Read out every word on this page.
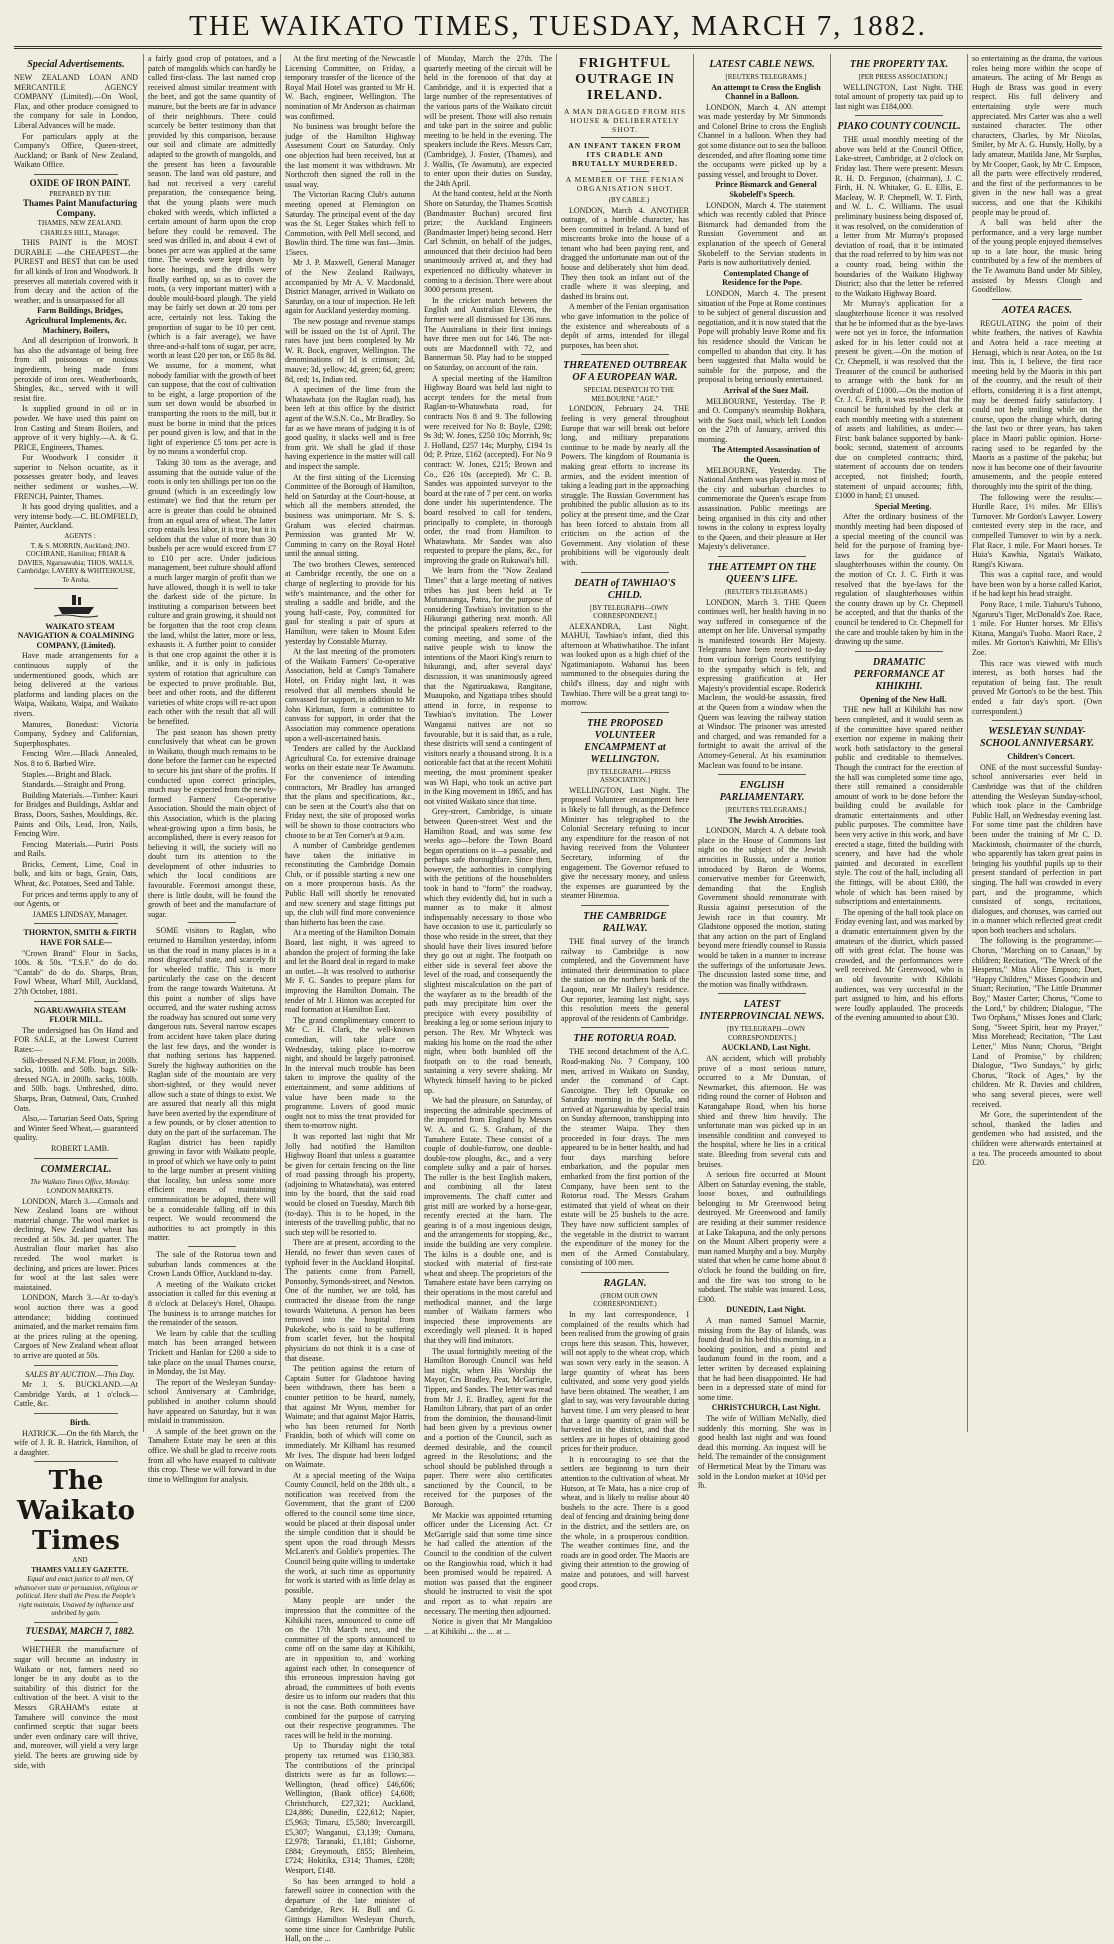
THE WAIKATO TIMES, TUESDAY, MARCH 7, 1882.
Special Advertisements.

NEW ZEALAND LOAN AND MERCANTILE AGENCY COMPANY (Limited).—On Wool, Flax, and other produce consigned to the company for sale in London, Liberal Advances will be made.

For particulars apply at the Company's Office, Queen-street, Auckland; or Bank of New Zealand, Waikato Office.

OXIDE OF IRON PAINT.

PREPARED BY THE

Thames Paint Manufacturing Company.

THAMES, NEW ZEALAND.

CHARLES HILL, Manager.

THIS PAINT is the MOST DURABLE —the CHEAPEST—the PUREST and BEST that can be used for all kinds of Iron and Woodwork. It preserves all materials covered with it from decay and the action of the weather, and is unsurpassed for all

Farm Buildings, Bridges, Agricultural Implements, &c. Machinery, Boilers,

And all description of Ironwork. It has also the advantage of being free from all poisonous or noxious ingredients, being made from peroxide of iron ores. Weatherboards, Shingles, &c., served with it will resist fire.

Is supplied ground in oil or in powder. We have used this paint on Iron Casting and Steam Boilers, and approve of it very highly.—A. & G. PRICE, Engineers, Thames.

For Woodwork I consider it superior to Nelson ocuatite, as it possesses greater body, and leaves neither sediment or washes.—W. FRENCH, Painter, Thames.

It has good drying qualities, and a very intense body.—C. BLOMFIELD, Painter, Auckland.

AGENTS :

T. & S. MORRIN, Auckland; JNO. COCHRANE, Hamilton; FRIAR & DAVIES, Ngaruawahia; THOS. WALLS, Cambridge; LAVERY & WHITEHOUSE, Te Aroha.

WAIKATO STEAM NAVIGATION & COALMINING COMPANY, (Limited).

Have made arrangements for a continuous supply of the undermentioned goods, which are being delivered at the various platforms and landing places on the Waipa, Waikato, Waipa, and Waikato rivers.

Manures, Bonedust: Victoria Company, Sydney and Californian, Superphosphates.

Fencing Wire.—Black Annealed, Nos. 8 to 6. Barbed Wire.

Staples.—Bright and Black.

Standards.—Straight and Prong.

Building Materials.—Timber: Kauri for Bridges and Buildings, Ashlar and Brass, Doors, Sashes, Mouldings, &c. Paints and Oils, Lead, Iron, Nails, Fencing Wire.

Fencing Materials.—Puriri Posts and Rails.

Bricks, Cement, Lime, Coal in bulk, and kits or bags, Grain, Oats, Wheat, &c. Potatoes, Seed and Table.

For prices and terms apply to any of our Agents, or

JAMES LINDSAY, Manager.

THORNTON, SMITH & FIRTH HAVE FOR SALE—

"Crown Brand" Flour in Sacks, 100s. & 50s. "T.S.F." do do do. "Cantab" do do do. Sharps, Bran, Fowl Wheat, Wharf Mill, Auckland, 27th October, 1881.

NGARUAWAHIA STEAM FLOUR MILL.

The undersigned has On Hand and FOR SALE, at the Lowest Current Rates:—

Silk-dressed N.F.M. Flour, in 200lb. sacks, 100lb. and 50lb. bags. Silk-dressed NGA. in 200lb. sacks, 100lb. and 50lb. bags. Unthreshed, ditto. Sharps, Bran, Oatmeal, Oats, Crushed Oats.

Also,— Tartarian Seed Oats, Spring and Winter Seed Wheat,— guaranteed quality.

ROBERT LAMB.

COMMERCIAL.

The Waikato Times Office, Monday.

LONDON MARKETS.

LONDON, March 3.—Consols and New Zealand loans are without material change. The wool market is declining. New Zealand wheat has receded at 50s. 3d. per quarter. The Australian flour market has also receded. The wool market is declining, and prices are lower. Prices for wool at the last sales were maintained.

LONDON, March 3.—At to-day's wool auction there was a good attendance; bidding continued animated, and the market remains firm at the prices ruling at the opening. Cargoes of New Zealand wheat afloat to arrive are quoted at 50s.

SALES BY AUCTION.—This Day.

Mr J. S. BUCKLAND.—At Cambridge Yards, at 1 o'clock—Cattle, &c.

Birth.

HATRICK.—On the 6th March, the wife of J. R. R. Hatrick, Hamilton, of a daughter.

The Waikato Times

AND

THAMES VALLEY GAZETTE.

Equal and exact justice to all men, Of whatsoever state or persuasion, religious or political. Here shall the Press the People's right maintain, Unawed by influence and unbribed by gain.

TUESDAY, MARCH 7, 1882.

WHETHER the manufacture of sugar will become an industry in Waikato or not, farmers need no longer be in any doubt as to the suitability of this district for the cultivation of the beet. A visit to the Messrs GRAHAM's estate at Tamahere will convince the most confirmed sceptic that sugar beets under even ordinary care will thrive, and, moreover, will yield a very large yield. The beets are growing side by side, with

a fairly good crop of potatoes, and a patch of mangolds which can hardly be called first-class. The last named crop received almost similar treatment with the beet, and got the same quantity of manure, but the beets are far in advance of their neighbours. There could scarcely be better testimony than that provided by this comparison, because our soil and climate are admittedly adapted to the growth of mangolds, and the present has been a favourable season. The land was old pasture, and had not received a very careful preparation, the consequence being, that the young plants were much choked with weeds, which inflicted a certain amount of harm upon the crop before they could be removed. The seed was drilled in, and about 4 cwt of bones per acre was applied at the same time. The weeds were kept down by horse hoeings, and the drills were finally earthed up, so as to cover the roots, (a very important matter) with a double mould-board plough. The yield may be fairly set down at 20 tons per acre, certainly not less. Taking the proportion of sugar to be 10 per cent. (which is a fair average), we have three-and-a-half tons of sugar, per acre, worth at least £20 per ton, or £65 8s 8d. We assume, for a moment, what nobody familiar with the growth of beet can suppose, that the cost of cultivation to be eight, a large proportion of the sum set down would be absorbed in transporting the roots to the mill, but it must be borne in mind that the prices per pound given is low, and that in the light of experience £5 tons per acre is by no means a wonderful crop.

Taking 30 tons as the average, and assuming that the outside value of the roots is only ten shillings per ton on the ground (which is an exceedingly low estimate) we find that the return per acre is greater than could be obtained from an equal area of wheat. The latter crop entails less labor, it is true, but it is seldom that the value of more than 30 bushels per acre would exceed from £7 to £10 per acre. Under judicious management, beet culture should afford a much larger margin of profit than we have allowed, though it is well to take the darkest side of the picture. In instituting a comparison between beet culture and grain growing, it should not be forgotten that the root crop cleans the land, whilst the latter, more or less, exhausts it. A further point to consider is that one crop against the other it is unlike, and it is only in judicious system of rotation that agriculture can be expected to prove profitable. But, beet and other roots, and the different varieties of white crops will re-act upon each other with the result that all will be benefited.

The past season has shown pretty conclusively that wheat can be grown in Waikato, though much remains to be done before the farmer can be expected to secure his just share of the profits. If conducted upon correct principles, much may be expected from the newly-formed Farmers' Co-operative Association. Should the main object of this Association, which is the placing wheat-growing upon a firm basis, be accomplished, there is every reason for believing it will, the society will no doubt turn its attention to the development of other industries to which the local conditions are favourable. Foremost amongst these, there is little doubt, will be found the growth of beet and the manufacture of sugar.

SOME visitors to Raglan, who returned to Hamilton yesterday, inform us that the road in many places is in a most disgraceful state, and scarcely fit for wheeled traffic. This is more particularly the case on the descent from the range towards Waitetuna. At this point a number of slips have occurred, and the water rushing across the roadway has scoured out some very dangerous ruts. Several narrow escapes from accident have taken place during the last few days, and the wonder is that nothing serious has happened. Surely the highway authorities on the Raglan side of the mountain are very short-sighted, or they would never allow such a state of things to exist. We are assured that nearly all this might have been averted by the expenditure of a few pounds, or by closer attention to duty on the part of the surfaceman. The Raglan district has been rapidly growing in favor with Waikato people, in proof of which we have only to point to the large number at present visiting that locality, but unless some more efficient means of maintaining communication be adopted, there will be a considerable falling off in this respect. We would recommend the authorities to act promptly in this matter.

The sale of the Rotorua town and suburban lands commences at the Crown Lands Office, Auckland to-day.

A meeting of the Waikato cricket association is called for this evening at 8 o'clock at Delacey's Hotel, Ohaupo. The business is to arrange matches for the remainder of the season.

We learn by cable that the sculling match has been arranged between Trickett and Hanlan for £200 a side to take place on the usual Thames course, in Monday, the 1st May.

The report of the Wesleyan Sunday-school Anniversary at Cambridge, published in another column should have appeared on Saturday, but it was mislaid in transmission.

A sample of the beet grown on the Tamahere Estate may be seen at this office. We shall be glad to receive roots from all who have essayed to cultivate this crop. These we will forward in due time to Wellington for analysis.

At the first meeting of the Newcastle Licensing Committee, on Friday, a temporary transfer of the licence of the Royal Mail Hotel was granted to Mr H. W. Bach, engineer, Wellington. The nomination of Mr Anderson as chairman was confirmed.

No business was brought before the judge of the Hamilton Highway Assessment Court on Saturday. Only one objection had been received, but at the last moment it was withdrawn. Mr Northcroft then signed the roll in the usual way.

The Victorian Racing Club's autumn meeting opened at Flemington on Saturday. The principal event of the day was the St. Leger Stakes which fell to Commotion, with Pell Mell second, and Bowlin third. The time was fast—3min. 15secs.

Mr J. P. Maxwell, General Manager of the New Zealand Railways, accompanied by Mr A. V. Macdonald, District Manager, arrived in Waikato on Saturday, on a tour of inspection. He left again for Auckland yesterday morning.

The new postage and revenue stamps will be issued on the 1st of April. The rates have just been completed by Mr W. R. Bock, engraver, Wellington. The denominations of 1d is crimson; 2d, mauve; 3d, yellow; 4d, green; 6d, green; 8d, red; 1s, Indian red.

A specimen of the lime from the Whatawhata (on the Raglan road), has been left at this office by the district agent of the W.S.N. Co., Mr Bradley. So far as we have means of judging it is of good quality, it slacks well and is free from grit. We shall be glad if those having experience in the matter will call and inspect the sample.

At the first sitting of the Licensing Committee of the Borough of Hamilton, held on Saturday at the Court-house, at which all the members attended, the business was unimportant. Mr S. S. Graham was elected chairman. Permission was granted Mr W. Cumming to carry on the Royal Hotel until the annual sitting.

The two brothers Clewes, sentenced at Cambridge recently, the one on a charge of neglecting to provide for his wife's maintenance, and the other for stealing a saddle and bridle, and the young half-caste, Poy, committed for gaol for stealing a pair of spurs at Hamilton, were taken to Mount Eden yesterday by Constable Murray.

At the last meeting of the promoters of the Waikato Farmers' Co-operative Association, held at Camp's Tamahere Hotel, on Friday night last, it was resolved that all members should be canvassed for support, in addition to Mr John Kirkman, form a committee to canvass for support, in order that the Association may commence operations upon a well-ascertained basis.

Tenders are called by the Auckland Agricultural Co. for extensive drainage works on their estate near Te Awamutu. For the convenience of intending contractors, Mr Bradley has arranged that the plans and specifications, &c., can be seen at the Court's also that on Friday next, the site of proposed works will be shown to those contractors who choose to be at Ten Corner's at 9 a.m.

A number of Cambridge gentlemen have taken the initiative in reconstituting the Cambridge Domain Club, or if possible starting a new one on a more prosperous basis. As the Public Hall will shortly be renovated and new scenery and stage fittings put up, the club will find more convenience than hitherto has been the case.

At a meeting of the Hamilton Domain Board, last night, it was agreed to abandon the project of forming the lake and let the Board deal in regard to make an outlet.—It was resolved to authorise Mr F. G. Sandes to prepare plans for improving the Hamilton Domain. The tender of Mr J. Hinton was accepted for road formation at Hamilton East.

The grand complimentary concert to Mr C. H. Clark, the well-known comedian, will take place on Wednesday, taking place to-morrow night, and should be largely patronised. In the interval much trouble has been taken to improve the quality of the entertainment, and some additions of value have been made to the programme. Lovers of good music ought not to miss the treat provided for them to-morrow night.

It was reported last night that Mr Jolly had notified the Hamilton Highway Board that unless a guarantee be given for certain fencing on the line of road passing through his property, (adjoining to Whatawhata), was entered into by the board, that the said road would be closed on Tuesday, March 8th (to-day). This is to be hoped, in the interests of the travelling public, that no such step will be resorted to.

There are at present, according to the Herald, no fewer than seven cases of typhoid fever in the Auckland Hospital. The patients come from Parnell, Ponsonby, Symonds-street, and Newton. One of the number, we are told, has contracted the disease from the range towards Waitetuna. A person has been removed into the hospital from Pukekohe, who is said to be suffering from scarlet fever, but the hospital physicians do not think it is a case of that disease.

The petition against the return of Captain Sutter for Gladstone having been withdrawn, there has been a counter petition to be heard, namely, that against Mr Wynn, member for Waimate; and that against Major Harris, who has been returned for North Franklin, both of which will come on immediately. Mr Kilhaml has resumed Mr Ives. The dispute had been lodged on Waimate.

At a special meeting of the Waipa County Council, held on the 28th ult., a notification was received from the Government, that the grant of £200 offered to the council some time since, would be placed at their disposal under the simple condition that it should be spent upon the road through Messrs McLaren's and Goldie's properties. The Council being quite willing to undertake the work, at such time as opportunity for work is started with as little delay as possible.

Many people are under the impression that the committee of the Kihikihi races, announced to come off on the 17th March next, and the committee of the sports announced to come off on the same day at Kihikihi, are in opposition to, and working against each other. In consequence of this erroneous impression having got abroad, the committees of both events desire us to inform our readers that this is not the case. Both committees have combined for the purpose of carrying out their respective programmes. The races will be held in the morning.

Up to Thursday night the total property tax returned was £130,383. The contributions of the principal districts were as far as follows:—Wellington, (head office) £46,606; Wellington, (Bank office) £4,608; Christchurch, £27,321; Auckland, £24,886; Dunedin, £22,612; Napier, £5,963; Timaru, £5,580; Invercargill, £5,307; Wanganui, £3,139; Oamaru, £2,978; Taranaki, £1,181; Gisborne, £884; Greymouth, £855; Blenheim, £724; Hokitika, £314; Thames, £288; Westport, £148.

So has been arranged to hold a farewell soiree in connection with the departure of the late minister of Cambridge, Rev. H. Bull and G. Gittings Hamilton Wesleyan Church, some time since for Cambridge Public Hall, on the ...

of Monday, March the 27th. The quarterly meeting of the circuit will be held in the forenoon of that day at Cambridge, and it is expected that a large number of the representatives of the various parts of the Waikato circuit will be present. Those will also remain and take part in the soiree and public meeting to be held in the evening. The speakers include the Revs. Messrs Carr, (Cambridge), J. Foster, (Thames), and J. Wallis, (Te Awamutu), are expected to enter upon their duties on Sunday, the 24th April.

At the hand contest, held at the North Shore on Saturday, the Thames Scottish (Bandmaster Buchan) secured first prize; the Auckland Engineers (Bandmaster Imper) being second. Herr Carl Schmitt, on behalf of the judges, announced that their decision had been unanimously arrived at, and they had experienced no difficulty whatever in coming to a decision. There were about 3000 persons present.

In the cricket match between the English and Australian Elevens, the former were all dismissed for 136 runs. The Australians in their first innings have three men out for 146. The not-outs are Macdonnell with 72, and Bannerman 50. Play had to be stopped on Saturday, on account of the rain.

A special meeting of the Hamilton Highway Board was held last night to accept tenders for the metal from Raglan-to-Whatawhata road, for contracts Nos 8 and 9. The following were received for No 8: Boyle, £298; 9s 3d; W. Jones, £250 10s; Morrish, 9s; J. Holland, £257 14s; Murphy, £194 1s 0d; P. Prize, £162 (accepted). For No 9 contract: W. Jones, £215; Brown and Co., £26 10s (accepted). Mr C. B. Sandes was appointed surveyor to the board at the rate of 7 per cent. on works done under his superintendence. The board resolved to call for tenders, principally to complete, in thorough order, the road from Hamilton to Whatawhata. Mr Sandes was also requested to prepare the plans, &c., for improving the grade on Rukuwai's hill.

We learn from the "Now Zealand Times" that a large meeting of natives tribes has just been held at Te Mutumaunga, Patea, for the purpose of considering Tawhiao's invitation to the Hikurangi gathering next month. All the principal speakers referred to the coming meeting, and some of the native people wish to know the intentions of the Maori King's return to hikurangi, and, after several days' discussion, it was unanimously agreed that the Ngatiruakawa, Rangitane, Muaupoko, and Ngatiapa tribes should attend in force, in response to Tawhiao's invitation. The Lower Wanganui natives are not so favourable, but it is said that, as a rule, these districts will send a contingent of visitors nearly a thousand strong. It is a noticeable fact that at the recent Mohitii meeting, the most prominent speaker was Wi Hapi, who took an active part in the King movement in 1865, and has not visited Waikato since that time.

Grey-street, Cambridge, is situate between Queen-street West and the Hamilton Road, and was some few weeks ago—before the Town Board began operations on it—a passable, and perhaps safe thoroughfare. Since then, however, the authorities in complying with the petitions of the householders took in hand to "form" the roadway, which they evidently did, but in such a manner as to make it almost indispensably necessary to those who have occasion to use it, particularly so those who reside in the street, that they should have their lives insured before they go out at night. The footpath on either side is several feet above the level of the road, and consequently the slightest miscalculation on the part of the wayfarer as to the breadth of the path may precipitate him over the precipice with every possibility of breaking a leg or some serious injury to person. The Rev. Mr Whyteck was making his home on the road the other night, when both bumbled off the footpath on to the road beneath, sustaining a very severe shaking. Mr Whyteck himself having to be picked up.

We had the pleasure, on Saturday, of inspecting the admirable specimens of the imported from England by Messrs W. A. and G. S. Graham, of the Tamahere Estate. These consist of a couple of double-furrow, one double-double-row ploughs, &c., and a very complete sulky and a pair of horses. The roller is the best English makers, and combining all the latest improvements. The chaff cutter and grist mill are worked by a horse-gear, recently erected at the barn. The gearing is of a most ingenious design, and the arrangements for stopping, &c., inside the building are very complete. The kilns is a double one, and is stocked with material of first-rate wheat and sheep. The proprietors of the Tamahere estate have been carrying on their operations in the most careful and methodical manner, and the large number of Waikato farmers who inspected these improvements are exceedingly well pleased. It is hoped that they will find imitators.

The usual fortnightly meeting of the Hamilton Borough Council was held last night, when His Worship the Mayor, Crs Bradley, Peat, McGarrigle, Tippen, and Sandes. The letter was read from Mr J. E. Bradley, agent for the Hamilton Library, that part of an order from the dominion, the thousand-limit had been given by a previous owner and a portion of the Council, such as deemed desirable, and the council agreed in the Resolutions; and the school should be published through a paper. There were also certificates sanctioned by the Council, to be received for the purposes of the Borough.

Mr Mackie was appointed returning officer under the Licensing Act. Cr McGarrigle said that some time since he had called the attention of the Council to the condition of the culvert on the Rangiowhia road, which it had been promised would be repaired. A motion was passed that the engineer should be instructed to visit the spot and report as to what repairs are necessary. The meeting then adjourned.

Notice is given that Mr Mangakino ... at Kihikihi ... the ... at ...

FRIGHTFUL OUTRAGE IN IRELAND.
A MAN DRAGGED FROM HIS HOUSE & DELIBERATELY SHOT.
AN INFANT TAKEN FROM ITS CRADLE AND BRUTALLY MURDERED.
A MEMBER OF THE FENIAN ORGANISATION SHOT.

(BY CABLE.)

LONDON, March 4. ANOTHER outrage, of a horrible character, has been committed in Ireland. A band of miscreants broke into the house of a tenant who had been paying rent, and dragged the unfortunate man out of the house and deliberately shot him dead. They then took an infant out of the cradle where it was sleeping, and dashed its brains out.

A member of the Fenian organisation who gave information to the police of the existence and whereabouts of a depôt of arms, intended for illegal purposes, has been shot.

THREATENED OUTBREAK OF A EUROPEAN WAR.

SPECIAL DESPATCH TO THE MELBOURNE "AGE."

LONDON, February 24. THE feeling is very general throughout Europe that war will break out before long, and military preparations continue to be made by nearly all the Powers. The kingdom of Roumania is making great efforts to increase its armies, and the evident intention of taking a leading part in the approaching struggle. The Russian Government has prohibited the public allusion as to its policy at the present time, and the Czar has been forced to abstain from all criticism on the action of the Government. Any violation of these prohibitions will be vigorously dealt with.

DEATH of TAWHIAO'S CHILD.

[BY TELEGRAPH—OWN CORRESPONDENT.]

ALEXANDRA, Last Night. MAHUI, Tawhiao's infant, died this afternoon at Whatiwhatihoe. The infant was looked upon as a high chief of the Ngatimaniapoto. Wahanui has been summoned to the obsequies during the child's illness, day and night with Tawhiao. There will be a great tangi to-morrow.

THE PROPOSED VOLUNTEER ENCAMPMENT at WELLINGTON.

[BY TELEGRAPH.—PRESS ASSOCIATION.]

WELLINGTON, Last Night. The proposed Volunteer encampment here is likely to fall through, as the Defence Minister has telegraphed to the Colonial Secretary refusing to incur any expenditure for the reason of not having received from the Volunteer Secretary, informing of the engagement. The Governor refused to give the necessary money, and unless the expenses are guaranteed by the steamer Hinemoa.

THE CAMBRIDGE RAILWAY.

THE final survey of the branch railway to Cambridge is now completed, and the Government have intimated their determination to place the station on the northern bank of the Laqoon, near Mr Bailey's residence. Our reporter, learning last night, says this resolution meets the general approval of the residents of Cambridge.

THE ROTORUA ROAD.

THE second detachment of the A.C. Road-making No. 7 Company, 100 men, arrived in Waikato on Sunday, under the command of Capt. Gascoigne. They left Opunake on Saturday morning in the Stella, and arrived at Ngaruawahia by special train on Sunday afternoon, transhipping into the steamer Waipa. They then proceeded in four drays. The men appeared to be in better health, and had four days marching before embarkation, and the popular men embarked from the first portion of the Company, have been sent to the Rotorua road. The Messrs Graham estimated that yield of wheat on their estate will be 25 bushels to the acre. They have now sufficient samples of the vegetable in the district to warrant the expenditure of the money for the men of the Armed Constabulary, consisting of 100 men.

RAGLAN.

(FROM OUR OWN CORRESPONDENT.)

In my last correspondence, I complained of the results which had been realised from the growing of grain crops here this season. This, however, will not apply to the wheat crop, which was sown very early in the season. A large quantity of wheat has been cultivated, and some very good yields have been obtained. The weather, I am glad to say, was very favourable during harvest time. I am very pleased to hear that a large quantity of grain will be harvested in the district, and that the settlers are in hopes of obtaining good prices for their produce.

It is encouraging to see that the settlers are beginning to turn their attention to the cultivation of wheat. Mr Hutson, at Te Mata, has a nice crop of wheat, and is likely to realise about 40 bushels to the acre. There is a good deal of fencing and draining being done in the district, and the settlers are, on the whole, in a prosperous condition. The weather continues fine, and the roads are in good order. The Maoris are giving their attention to the growing of maize and potatoes, and will harvest good crops.

LATEST CABLE NEWS.

[REUTERS TELEGRAMS.]

An attempt to Cross the English Channel in a Balloon.

LONDON, March 4. AN attempt was made yesterday by Mr Simmonds and Colonel Brine to cross the English Channel in a balloon. When they had got some distance out to sea the balloon descended, and after floating some time the occupants were picked up by a passing vessel, and brought to Dover.

Prince Bismarck and General Skobeleff's Speech.

LONDON, March 4. The statement which was recently cabled that Prince Bismarck had demanded from the Russian Government and an explanation of the speech of General Skobeleff to the Servian students in Paris is now authoritatively denied.

Contemplated Change of Residence for the Pope.

LONDON, March 4. The present situation of the Pope at Rome continues to be subject of general discussion and negotiation, and it is now stated that the Pope will probably leave Rome and fix his residence should the Vatican be compelled to abandon that city. It has been suggested that Malta would be suitable for the purpose, and the proposal is being seriously entertained.

Arrival of the Suez Mail.

MELBOURNE, Yesterday. The P. and O. Company's steamship Bokhara, with the Suez mail, which left London on the 27th of January, arrived this morning.

The Attempted Assassination of the Queen.

MELBOURNE, Yesterday. The National Anthem was played in most of the city and suburban churches to commemorate the Queen's escape from assassination. Public meetings are being organised in this city and other towns in the colony to express loyalty to the Queen, and their pleasure at Her Majesty's deliverance.

THE ATTEMPT ON THE QUEEN'S LIFE.

(REUTER'S TELEGRAMS.)

LONDON, March 3. THE Queen continues well, her health having in no way suffered in consequence of the attempt on her life. Universal sympathy is manifested towards Her Majesty. Telegrams have been received to-day from various foreign Courts testifying to the sympathy which is felt, and expressing gratification at Her Majesty's providential escape. Roderick Maclean, the would-be assassin, fired at the Queen from a window when the Queen was leaving the railway station at Windsor. The prisoner was arrested and charged, and was remanded for a fortnight to await the arrival of the Attorney-General. At his examination Maclean was found to be insane.

ENGLISH PARLIAMENTARY.

[REUTERS TELEGRAMS.]

The Jewish Atrocities.

LONDON, March 4. A debate took place in the House of Commons last night on the subject of the Jewish atrocities in Russia, under a motion introduced by Baron de Worms, conservative member for Greenwich, demanding that the English Government should remonstrate with Russia against persecution of the Jewish race in that country. Mr Gladstone opposed the motion, stating that any action on the part of England beyond mere friendly counsel to Russia would be taken in a manner to increase the sufferings of the unfortunate Jews. The discussion lasted some time, and the motion was finally withdrawn.

LATEST INTERPROVINCIAL NEWS.

[BY TELEGRAPH—OWN CORRESPONDENTS.]

AUCKLAND, Last Night.

AN accident, which will probably prove of a most serious nature, occurred to a Mr Dunstan, of Newmarket, this afternoon. He was riding round the corner of Hobson and Karangahape Road, when his horse shied and threw him heavily. The unfortunate man was picked up in an insensible condition and conveyed to the hospital, where he lies in a critical state. Bleeding from several cuts and bruises.

A serious fire occurred at Mount Albert on Saturday evening, the stable, loose boxes, and outbuildings belonging to Mr Greenwood being destroyed. Mr Greenwood and family are residing at their summer residence at Lake Takapuna, and the only persons on the Mount Albert property were a man named Murphy and a boy. Murphy stated that when he came home about 8 o'clock he found the building on fire, and the fire was too strong to be subdued. The stable was insured. Loss, £300.

DUNEDIN, Last Night.

A man named Samuel Macnie, missing from the Bay of Islands, was found dead in his bed this morning, in a booking position, and a pistol and laudanum found in the room, and a letter written by deceased explaining that he had been disappointed. He had been in a depressed state of mind for some time.

CHRISTCHURCH, Last Night.

The wife of William McNally, died suddenly this morning. She was in good health last night and was found dead this morning. An inquest will be held. The remainder of the consignment of Hermetical Meat by the Timaru was sold in the London market at 10½d per lb.

THE PROPERTY TAX.

[PER PRESS ASSOCIATION.]

WELLINGTON, Last Night. THE total amount of property tax paid up to last night was £184,000.

PIAKO COUNTY COUNCIL.

THE usual monthly meeting of the above was held at the Council Office, Lake-street, Cambridge, at 2 o'clock on Friday last. There were present: Messrs R. H. D. Ferguson, (chairman), J. C. Firth, H. N. Whitaker, G. E. Ellis, E. Macleay, W. P. Chepmell, W. T. Firth, and W. L. C. Williams. The usual preliminary business being disposed of, it was resolved, on the consideration of a letter from Mr Murray's proposed deviation of road, that it be intimated that the road referred to by him was not a county road, being within the boundaries of the Waikato Highway District; also that the letter be referred to the Waikato Highway Board.

Mr Murray's application for a slaughterhouse licence it was resolved that he be informed that as the bye-laws were not yet in force, the information asked for in his letter could not at present be given.—On the motion of Cr. Chepmell, it was resolved that the Treasurer of the council be authorised to arrange with the bank for an overdraft of £1000.—On the motion of Cr. J. C. Firth, it was resolved that the council be furnished by the clerk at each monthly meeting with a statement of assets and liabilities, as under:—First: bank balance supported by bank-book; second, statement of accounts due on completed contracts; third, statement of accounts due on tenders accepted, not finished; fourth, statement of unpaid accounts; fifth, £1000 in hand; £1 unused.

Special Meeting.

After the ordinary business of the monthly meeting had been disposed of a special meeting of the council was held for the purpose of framing bye-laws for the guidance of slaughterhouses within the county. On the motion of Cr. J. C. Firth it was resolved that the bye-laws for the regulation of slaughterhouses within the county drawn up by Cr. Chepmell be accepted, and that the thanks of the council be tendered to Cr. Chepmell for the care and trouble taken by him in the drawing up the same.

DRAMATIC PERFORMANCE AT KIHIKIHI.

Opening of the New Hall.

THE new hall at Kihikihi has now been completed, and it would seem as if the committee have spared neither exertion nor expense in making their work both satisfactory to the general public and creditable to themselves. Though the contract for the erection of the hall was completed some time ago, there still remained a considerable amount of work to be done before the building could be available for dramatic entertainments and other public purposes. The committee have been very active in this work, and have erected a stage, fitted the building with scenery, and have had the whole painted and decorated in excellent style. The cost of the hall, including all the fittings, will be about £300, the whole of which has been raised by subscriptions and entertainments.

The opening of the hall took place on Friday evening last, and was marked by a dramatic entertainment given by the amateurs of the district, which passed off with great éclat. The house was crowded, and the performances were well received. Mr Greenwood, who is an old favourite with Kihikihi audiences, was very successful in the part assigned to him, and his efforts were loudly applauded. The proceeds of the evening amounted to about £30.

so entertaining as the drama, the various roles being more within the scope of amateurs. The acting of Mr Bengs as Hugh de Brass was good in every respect. His full delivery and entertaining style were much appreciated. Mrs Carter was also a well sustained character. The other characters, Charles, by Mr Nicolas, Smiler, by Mr A. G. Hunsly, Holly, by a lady amateur, Matilda Jane, Mr Surplus, by Mr Cooper, Gaok, by Mr C. Empson, all the parts were effectively rendered, and the first of the performances to be given in the new hall was a great success, and one that the Kihikihi people may be proud of.

A ball was held after the performance, and a very large number of the young people enjoyed themselves up to a late hour, the music being contributed by a few of the members of the Te Awamutu Band under Mr Sibley, assisted by Messrs Clough and Goodfellow.

AOTEA RACES.

REGULATING the point of their white feathers, the natives of Kawhia and Aotea held a race meeting at Heruagi, which is near Aotea, on the 1st inst. This is, I believe, the first race meeting held by the Maoris in this part of the country, and the result of their efforts, considering it is a first attempt, may be deemed fairly satisfactory. I could not help smiling while on the course, upon the change which, during the last two or three years, has taken place in Maori public opinion. Horse-racing used to be regarded by the Maoris as a pastime of the pakeha; but now it has become one of their favourite amusements, and the people entered thoroughly into the spirit of the thing.

The following were the results:— Hurdle Race, 1½ miles. Mr Ellis's Turnover. Mr Gordon's Lawyer. Lowery contested every step in the race, and compelled Turnover to win by a neck. Flat Race, 1 mile. For Maori horses. Te Huia's Kawhia, Ngatai's Waikato, Rangi's Kiwara.

This was a capital race, and would have been won by a horse called Kariot, if he had kept his head straight.

Pony Race, 1 mile. Tiahuru's Tuhono, Ngaruru's Tiger, McDonald's Zoe. Race, 1 mile. For Hunter horses. Mr Ellis's Kitana, Mangai's Tuoho. Maori Race, 2 miles. Mr Gorton's Kaiwhiti, Mr Ellis's Zoe.

This race was viewed with much interest, as both horses had the reputation of being fast. The result proved Mr Gorton's to be the best. This ended a fair day's sport. (Own correspondent.)

WESLEYAN SUNDAY-SCHOOL ANNIVERSARY.

Children's Concert.

ONE of the most successful Sunday-school anniversaries ever held in Cambridge was that of the children attending the Wesleyan Sunday-school, which took place in the Cambridge Public Hall, on Wednesday evening last. For some time past the children have been under the training of Mr C. D. Mackintosh, choirmaster of the church, who apparently has taken great pains in bringing his youthful pupils up to their present standard of perfection in part singing. The hall was crowded in every part, and the programme, which consisted of songs, recitations, dialogues, and choruses, was carried out in a manner which reflected great credit upon both teachers and scholars.

The following is the programme:— Chorus, "Marching on to Canaan," by children; Recitation, "The Wreck of the Hesperus," Miss Alice Empson; Duet, "Happy Children," Misses Goodwin and Stuart; Recitation, "The Little Drummer Boy," Master Carter; Chorus, "Come to the Lord," by children; Dialogue, "The Two Orphans," Misses Jones and Clark; Song, "Sweet Spirit, hear my Prayer," Miss Morehead; Recitation, "The Last Letter," Miss Nunn; Chorus, "Bright Land of Promise," by children; Dialogue, "Two Sundays," by girls; Chorus, "Rock of Ages," by the children. Mr R. Davies and children, who sang several pieces, were well received.

Mr Gore, the superintendent of the school, thanked the ladies and gentlemen who had assisted, and the children were afterwards entertained at a tea. The proceeds amounted to about £20.
